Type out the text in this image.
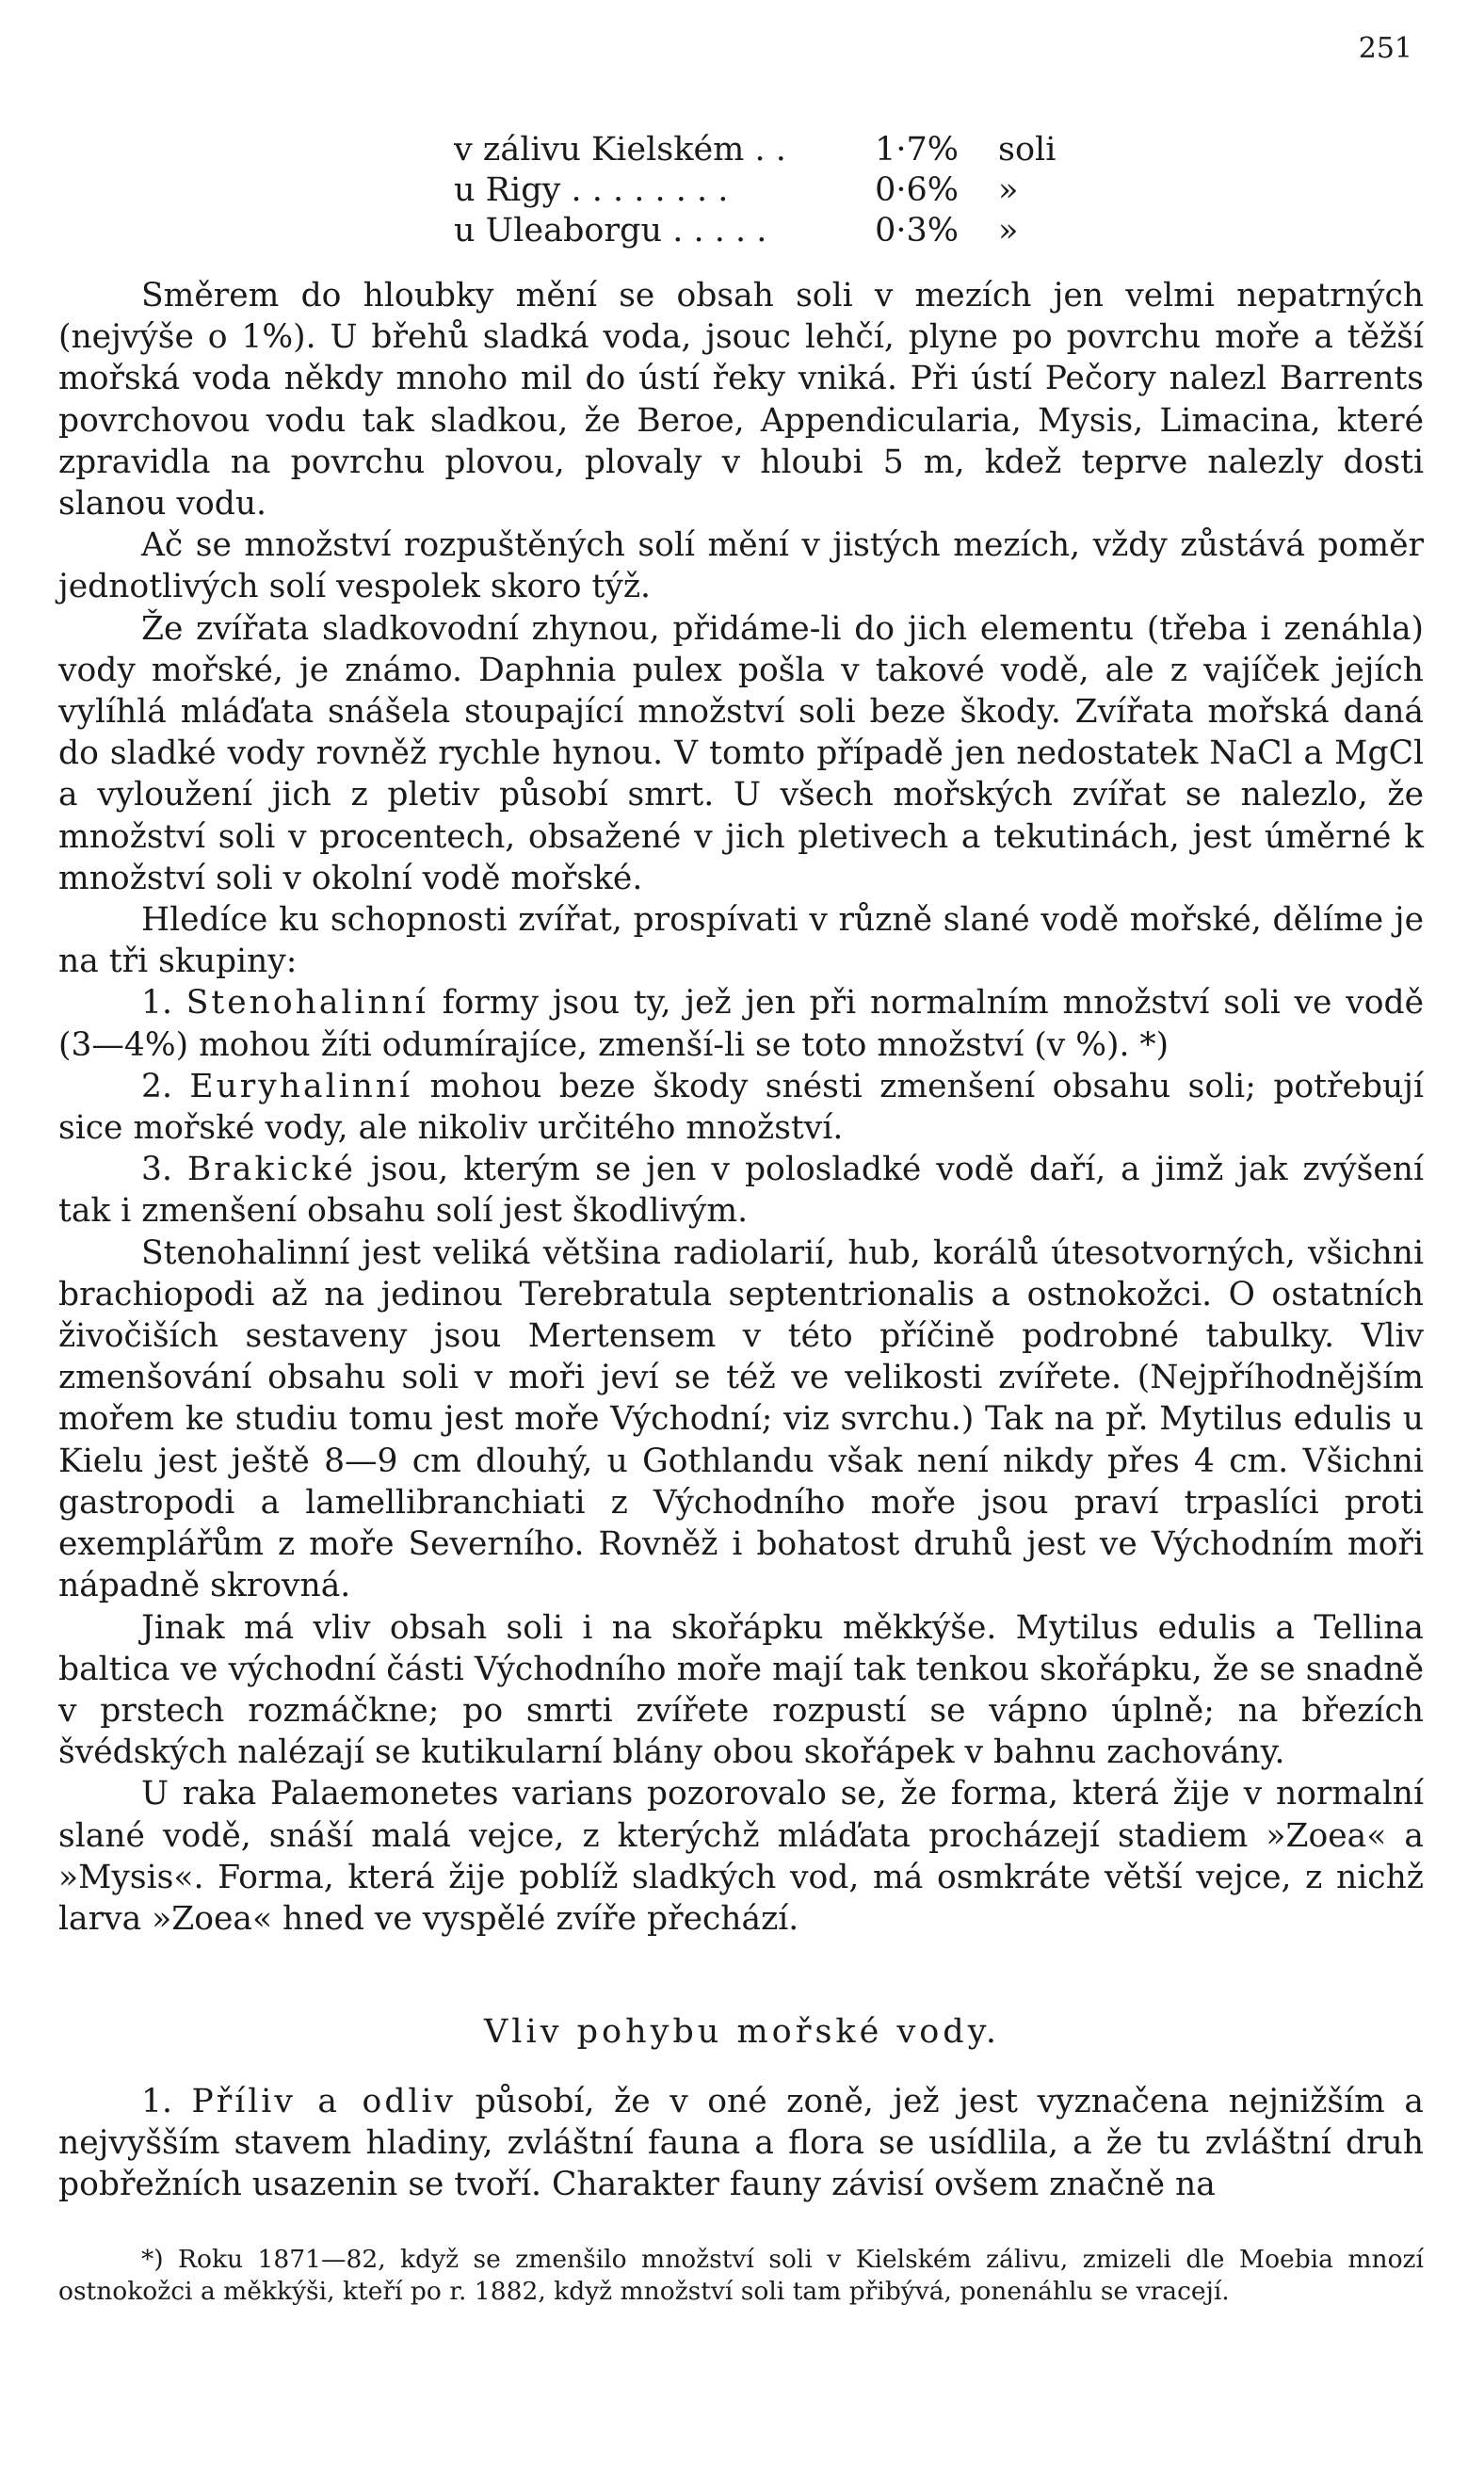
251
v zálivu Kielském . .	1·7% soli
u Rigy . . . . . . . .	0·6% »
u Uleaborgu . . . . .	0·3% »

Směrem do hloubky mění se obsah soli v mezích jen velmi nepatrných (nejvýše o 1%). U břehů sladká voda, jsouc lehčí, plyne po povrchu moře a těžší mořská voda někdy mnoho mil do ústí řeky vniká. Při ústí Pečory nalezl Barrents povrchovou vodu tak sladkou, že Beroe, Appendicularia, Mysis, Limacina, které zpravidla na povrchu plovou, plovaly v hloubi 5 m, kdež teprve nalezly dosti slanou vodu.

Ač se množství rozpuštěných solí mění v jistých mezích, vždy zůstává poměr jednotlivých solí vespolek skoro týž.

Že zvířata sladkovodní zhynou, přidáme-li do jich elementu (třeba i zenáhla) vody mořské, je známo. Daphnia pulex pošla v takové vodě, ale z vajíček jejích vylíhlá mláďata snášela stoupající množství soli beze škody. Zvířata mořská daná do sladké vody rovněž rychle hynou. V tomto případě jen nedostatek NaCl a MgCl a vyloužení jich z pletiv působí smrt. U všech mořských zvířat se nalezlo, že množství soli v procentech, obsažené v jich pletivech a tekutinách, jest úměrné k množství soli v okolní vodě mořské.

Hledíce ku schopnosti zvířat, prospívati v různě slané vodě mořské, dělíme je na tři skupiny:

1. Stenohalinní formy jsou ty, jež jen při normalním množství soli ve vodě (3—4%) mohou žíti odumírajíce, zmenší-li se toto množství (v %). *)

2. Euryhalinní mohou beze škody snésti zmenšení obsahu soli; potřebují sice mořské vody, ale nikoliv určitého množství.

3. Brakické jsou, kterým se jen v polosladké vodě daří, a jimž jak zvýšení tak i zmenšení obsahu solí jest škodlivým.

Stenohalinní jest veliká většina radiolarií, hub, korálů útesotvorných, všichni brachiopodi až na jedinou Terebratula septentrionalis a ostnokožci. O ostatních živočiších sestaveny jsou Mertensem v této příčině podrobné tabulky. Vliv zmenšování obsahu soli v moři jeví se též ve velikosti zvířete. (Nejpříhodnějším mořem ke studiu tomu jest moře Východní; viz svrchu.) Tak na př. Mytilus edulis u Kielu jest ještě 8—9 cm dlouhý, u Gothlandu však není nikdy přes 4 cm. Všichni gastropodi a lamellibranchiati z Východního moře jsou praví trpaslíci proti exemplářům z moře Severního. Rovněž i bohatost druhů jest ve Východním moři nápadně skrovná.

Jinak má vliv obsah soli i na skořápku měkkýše. Mytilus edulis a Tellina baltica ve východní části Východního moře mají tak tenkou skořápku, že se snadně v prstech rozmáčkne; po smrti zvířete rozpustí se vápno úplně; na březích švédských nalézají se kutikularní blány obou skořápek v bahnu zachovány.

U raka Palaemonetes varians pozorovalo se, že forma, která žije v normalní slané vodě, snáší malá vejce, z kterýchž mláďata procházejí stadiem »Zoea« a »Mysis«. Forma, která žije poblíž sladkých vod, má osmkráte větší vejce, z nichž larva »Zoea« hned ve vyspělé zvíře přechází.

Vliv pohybu mořské vody.

1. Příliv a odliv působí, že v oné zoně, jež jest vyznačena nejnižším a nejvyšším stavem hladiny, zvláštní fauna a flora se usídlila, a že tu zvláštní druh pobřežních usazenin se tvoří. Charakter fauny závisí ovšem značně na

*) Roku 1871—82, když se zmenšilo množství soli v Kielském zálivu, zmizeli dle Moebia mnozí ostnokožci a měkkýši, kteří po r. 1882, když množství soli tam přibývá, ponenáhlu se vracejí.
